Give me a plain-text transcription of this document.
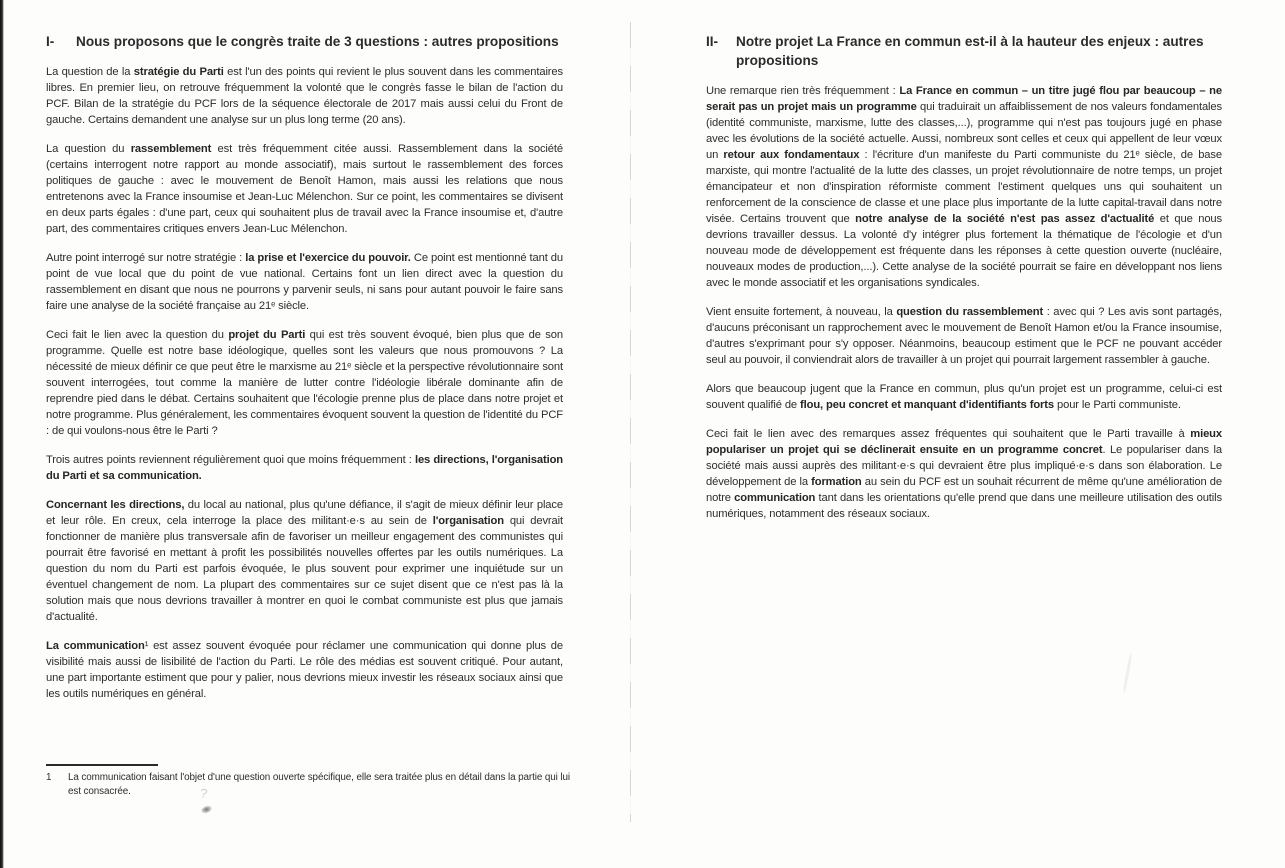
?
I-	Nous proposons que le congrès traite de 3 questions : autres propositions

La question de la stratégie du Parti est l'un des points qui revient le plus souvent dans les commentaires libres. En premier lieu, on retrouve fréquemment la volonté que le congrès fasse le bilan de l'action du PCF. Bilan de la stratégie du PCF lors de la séquence électorale de 2017 mais aussi celui du Front de gauche. Certains demandent une analyse sur un plus long terme (20 ans).

La question du rassemblement est très fréquemment citée aussi. Rassemblement dans la société (certains interrogent notre rapport au monde associatif), mais surtout le rassemblement des forces politiques de gauche : avec le mouvement de Benoît Hamon, mais aussi les relations que nous entretenons avec la France insoumise et Jean-Luc Mélenchon. Sur ce point, les commentaires se divisent en deux parts égales : d'une part, ceux qui souhaitent plus de travail avec la France insoumise et, d'autre part, des commentaires critiques envers Jean-Luc Mélenchon.

Autre point interrogé sur notre stratégie : la prise et l'exercice du pouvoir. Ce point est mentionné tant du point de vue local que du point de vue national. Certains font un lien direct avec la question du rassemblement en disant que nous ne pourrons y parvenir seuls, ni sans pour autant pouvoir le faire sans faire une analyse de la société française au 21ᵉ siècle.

Ceci fait le lien avec la question du projet du Parti qui est très souvent évoqué, bien plus que de son programme. Quelle est notre base idéologique, quelles sont les valeurs que nous promouvons ? La nécessité de mieux définir ce que peut être le marxisme au 21ᵉ siècle et la perspective révolutionnaire sont souvent interrogées, tout comme la manière de lutter contre l'idéologie libérale dominante afin de reprendre pied dans le débat. Certains souhaitent que l'écologie prenne plus de place dans notre projet et notre programme. Plus généralement, les commentaires évoquent souvent la question de l'identité du PCF : de qui voulons-nous être le Parti ?

Trois autres points reviennent régulièrement quoi que moins fréquemment : les directions, l'organisation du Parti et sa communication.

Concernant les directions, du local au national, plus qu'une défiance, il s'agit de mieux définir leur place et leur rôle. En creux, cela interroge la place des militant·e·s au sein de l'organisation qui devrait fonctionner de manière plus transversale afin de favoriser un meilleur engagement des communistes qui pourrait être favorisé en mettant à profit les possibilités nouvelles offertes par les outils numériques. La question du nom du Parti est parfois évoquée, le plus souvent pour exprimer une inquiétude sur un éventuel changement de nom. La plupart des commentaires sur ce sujet disent que ce n'est pas là la solution mais que nous devrions travailler à montrer en quoi le combat communiste est plus que jamais d'actualité.

La communication¹ est assez souvent évoquée pour réclamer une communication qui donne plus de visibilité mais aussi de lisibilité de l'action du Parti. Le rôle des médias est souvent critiqué. Pour autant, une part importante estiment que pour y palier, nous devrions mieux investir les réseaux sociaux ainsi que les outils numériques en général.

1	La communication faisant l'objet d'une question ouverte spécifique, elle sera traitée plus en détail dans la partie qui lui est consacrée.
II-	Notre projet La France en commun est-il à la hauteur des enjeux : autres propositions

Une remarque rien très fréquemment : La France en commun – un titre jugé flou par beaucoup – ne serait pas un projet mais un programme qui traduirait un affaiblissement de nos valeurs fondamentales (identité communiste, marxisme, lutte des classes,...), programme qui n'est pas toujours jugé en phase avec les évolutions de la société actuelle. Aussi, nombreux sont celles et ceux qui appellent de leur vœux un retour aux fondamentaux : l'écriture d'un manifeste du Parti communiste du 21ᵉ siècle, de base marxiste, qui montre l'actualité de la lutte des classes, un projet révolutionnaire de notre temps, un projet émancipateur et non d'inspiration réformiste comment l'estiment quelques uns qui souhaitent un renforcement de la conscience de classe et une place plus importante de la lutte capital-travail dans notre visée. Certains trouvent que notre analyse de la société n'est pas assez d'actualité et que nous devrions travailler dessus. La volonté d'y intégrer plus fortement la thématique de l'écologie et d'un nouveau mode de développement est fréquente dans les réponses à cette question ouverte (nucléaire, nouveaux modes de production,...). Cette analyse de la société pourrait se faire en développant nos liens avec le monde associatif et les organisations syndicales.

Vient ensuite fortement, à nouveau, la question du rassemblement : avec qui ? Les avis sont partagés, d'aucuns préconisant un rapprochement avec le mouvement de Benoît Hamon et/ou la France insoumise, d'autres s'exprimant pour s'y opposer. Néanmoins, beaucoup estiment que le PCF ne pouvant accéder seul au pouvoir, il conviendrait alors de travailler à un projet qui pourrait largement rassembler à gauche.

Alors que beaucoup jugent que la France en commun, plus qu'un projet est un programme, celui-ci est souvent qualifié de flou, peu concret et manquant d'identifiants forts pour le Parti communiste.

Ceci fait le lien avec des remarques assez fréquentes qui souhaitent que le Parti travaille à mieux populariser un projet qui se déclinerait ensuite en un programme concret. Le populariser dans la société mais aussi auprès des militant·e·s qui devraient être plus impliqué·e·s dans son élaboration. Le développement de la formation au sein du PCF est un souhait récurrent de même qu'une amélioration de notre communication tant dans les orientations qu'elle prend que dans une meilleure utilisation des outils numériques, notamment des réseaux sociaux.
